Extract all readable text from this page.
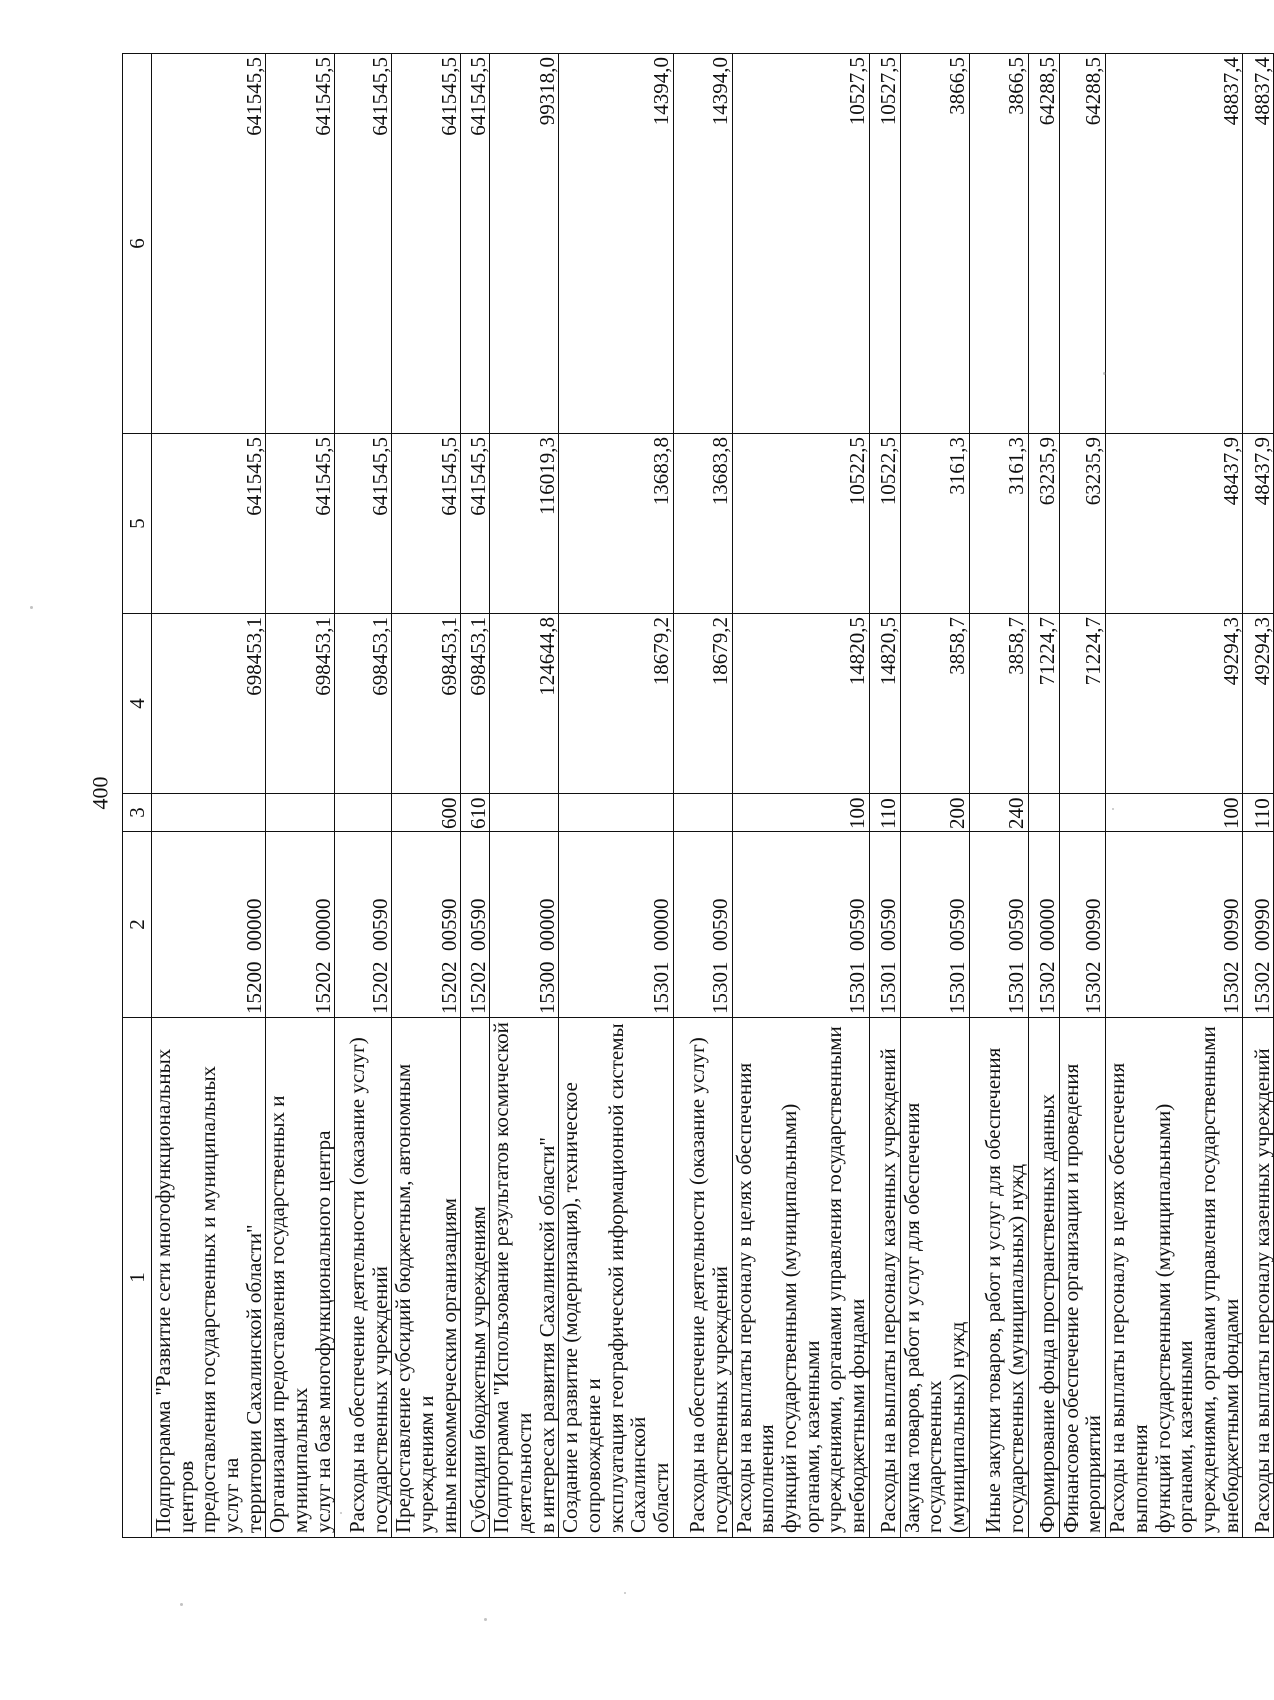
400
1	2	3	4	5	6
Подпрограмма "Развитие сети многофункциональных центров
предоставления государственных и муниципальных услуг на
территории Сахалинской области"	15200  00000		698453,1	641545,5	641545,5
Организация предоставления государственных и муниципальных
услуг на базе многофункционального центра	15202  00000		698453,1	641545,5	641545,5
Расходы на обеспечение деятельности (оказание услуг)
государственных учреждений	15202  00590		698453,1	641545,5	641545,5
Предоставление субсидий бюджетным, автономным учреждениям и
иным некоммерческим организациям	15202  00590	600	698453,1	641545,5	641545,5
Субсидии бюджетным учреждениям	15202  00590	610	698453,1	641545,5	641545,5
Подпрограмма "Использование результатов космической деятельности
в интересах развития Сахалинской области"	15300  00000		124644,8	116019,3	99318,0
Создание и развитие (модернизация), техническое сопровождение и
эксплуатация географической информационной системы Сахалинской
области	15301  00000		18679,2	13683,8	14394,0
Расходы на обеспечение деятельности (оказание услуг)
государственных учреждений	15301  00590		18679,2	13683,8	14394,0
Расходы на выплаты персоналу в целях обеспечения выполнения
функций государственными (муниципальными) органами, казенными
учреждениями, органами управления государственными
внебюджетными фондами	15301  00590	100	14820,5	10522,5	10527,5
Расходы на выплаты персоналу казенных учреждений	15301  00590	110	14820,5	10522,5	10527,5
Закупка товаров, работ и услуг для обеспечения государственных
(муниципальных) нужд	15301  00590	200	3858,7	3161,3	3866,5
Иные закупки товаров, работ и услуг для обеспечения
государственных (муниципальных) нужд	15301  00590	240	3858,7	3161,3	3866,5
Формирование фонда пространственных данных	15302  00000		71224,7	63235,9	64288,5
Финансовое обеспечение организации и проведения мероприятий	15302  00990		71224,7	63235,9	64288,5
Расходы на выплаты персоналу в целях обеспечения выполнения
функций государственными (муниципальными) органами, казенными
учреждениями, органами управления государственными
внебюджетными фондами	15302  00990	100	49294,3	48437,9	48837,4
Расходы на выплаты персоналу казенных учреждений	15302  00990	110	49294,3	48437,9	48837,4
